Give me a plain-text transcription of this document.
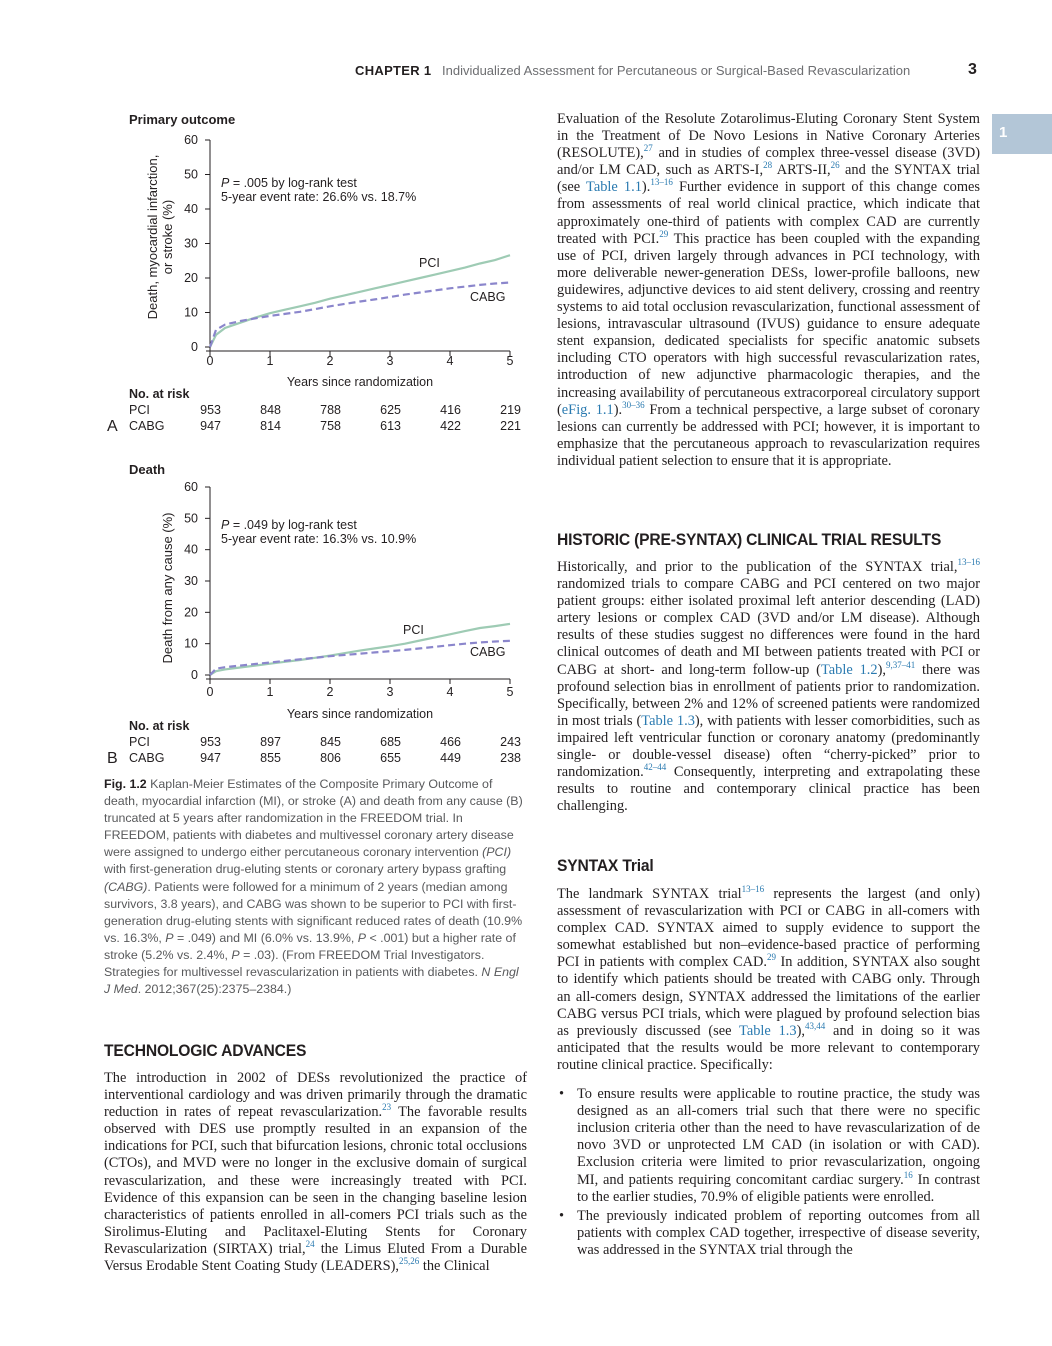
CHAPTER 1 Individualized Assessment for Percutaneous or Surgical-Based Revascularization	3
1
Primary outcome
Death, myocardial infarction, or stroke (%)
0
10
20
30
40
50
60
0	1	2	3	4	5
P = .005 by log-rank test
5-year event rate: 26.6% vs. 18.7%
PCI
CABG
Years since randomization
No. at risk
PCI
CABG
A
953	848	788	625	416	219
947	814	758	613	422	221
Death
Death from any cause (%)
0
10
20
30
40
50
60
0	1	2	3	4	5
P = .049 by log-rank test
5-year event rate: 16.3% vs. 10.9%
PCI
CABG
Years since randomization
No. at risk
PCI
CABG
B
953	897	845	685	466	243
947	855	806	655	449	238
Fig. 1.2 Kaplan-Meier Estimates of the Composite Primary Outcome of death, myocardial infarction (MI), or stroke (A) and death from any cause (B) truncated at 5 years after randomization in the FREEDOM trial. In FREEDOM, patients with diabetes and multivessel coronary artery disease were assigned to undergo either percutaneous coronary intervention (PCI) with first-generation drug-eluting stents or coronary artery bypass grafting (CABG). Patients were followed for a minimum of 2 years (median among survivors, 3.8 years), and CABG was shown to be superior to PCI with first-generation drug-eluting stents with significant reduced rates of death (10.9% vs. 16.3%, P = .049) and MI (6.0% vs. 13.9%, P < .001) but a higher rate of stroke (5.2% vs. 2.4%, P = .03). (From FREEDOM Trial Investigators. Strategies for multivessel revascularization in patients with diabetes. N Engl J Med. 2012;367(25):2375–2384.)
TECHNOLOGIC ADVANCES

The introduction in 2002 of DESs revolutionized the practice of interventional cardiology and was driven primarily through the dramatic reduction in rates of repeat revascularization.$^{23}$ The favorable results observed with DES use promptly resulted in an expansion of the indications for PCI, such that bifurcation lesions, chronic total occlusions (CTOs), and MVD were no longer in the exclusive domain of surgical revascularization, and these were increasingly treated with PCI. Evidence of this expansion can be seen in the changing baseline lesion characteristics of patients enrolled in all-comers PCI trials such as the Sirolimus-Eluting and Paclitaxel-Eluting Stents for Coronary Revascularization (SIRTAX) trial,$^{24}$ the Limus Eluted From a Durable Versus Erodable Stent Coating Study (LEADERS),$^{25,26}$ the Clinical

Evaluation of the Resolute Zotarolimus-Eluting Coronary Stent System in the Treatment of De Novo Lesions in Native Coronary Arteries (RESOLUTE),$^{27}$ and in studies of complex three-vessel disease (3VD) and/or LM CAD, such as ARTS-I,$^{28}$ ARTS-II,$^{26}$ and the SYNTAX trial (see Table 1.1).$^{13-16}$ Further evidence in support of this change comes from assessments of real world clinical practice, which indicate that approximately one-third of patients with complex CAD are currently treated with PCI.$^{29}$ This practice has been coupled with the expanding use of PCI, driven largely through advances in PCI technology, with more deliverable newer-generation DESs, lower-profile balloons, new guidewires, adjunctive devices to aid stent delivery, crossing and reentry systems to aid total occlusion revascularization, functional assessment of lesions, intravascular ultrasound (IVUS) guidance to ensure adequate stent expansion, dedicated specialists for specific anatomic subsets including CTO operators with high successful revascularization rates, introduction of new adjunctive pharmacologic therapies, and the increasing availability of percutaneous extracorporeal circulatory support (eFig. 1.1).$^{30-36}$ From a technical perspective, a large subset of coronary lesions can currently be addressed with PCI; however, it is important to emphasize that the percutaneous approach to revascularization requires individual patient selection to ensure that it is appropriate.

HISTORIC (PRE-SYNTAX) CLINICAL TRIAL RESULTS

Historically, and prior to the publication of the SYNTAX trial,$^{13-16}$ randomized trials to compare CABG and PCI centered on two major patient groups: either isolated proximal left anterior descending (LAD) artery lesions or complex CAD (3VD and/or LM disease). Although results of these studies suggest no differences were found in the hard clinical outcomes of death and MI between patients treated with PCI or CABG at short- and long-term follow-up (Table 1.2),$^{9,37-41}$ there was profound selection bias in enrollment of patients prior to randomization. Specifically, between 2% and 12% of screened patients were randomized in most trials (Table 1.3), with patients with lesser comorbidities, such as impaired left ventricular function or coronary anatomy (predominantly single- or double-vessel disease) often “cherry-picked” prior to randomization.$^{42-44}$ Consequently, interpreting and extrapolating these results to routine and contemporary clinical practice has been challenging.

SYNTAX Trial

The landmark SYNTAX trial$^{13-16}$ represents the largest (and only) assessment of revascularization with PCI or CABG in all-comers with complex CAD. SYNTAX aimed to supply evidence to support the somewhat established but non–evidence-based practice of performing PCI in patients with complex CAD.$^{29}$ In addition, SYNTAX also sought to identify which patients should be treated with CABG only. Through an all-comers design, SYNTAX addressed the limitations of the earlier CABG versus PCI trials, which were plagued by profound selection bias as previously discussed (see Table 1.3),$^{43,44}$ and in doing so it was anticipated that the results would be more relevant to contemporary routine clinical practice. Specifically:

• To ensure results were applicable to routine practice, the study was designed as an all-comers trial such that there were no specific inclusion criteria other than the need to have revascularization of de novo 3VD or unprotected LM CAD (in isolation or with CAD). Exclusion criteria were limited to prior revascularization, ongoing MI, and patients requiring concomitant cardiac surgery.$^{16}$ In contrast to the earlier studies, 70.9% of eligible patients were enrolled.
• The previously indicated problem of reporting outcomes from all patients with complex CAD together, irrespective of disease severity, was addressed in the SYNTAX trial through the
